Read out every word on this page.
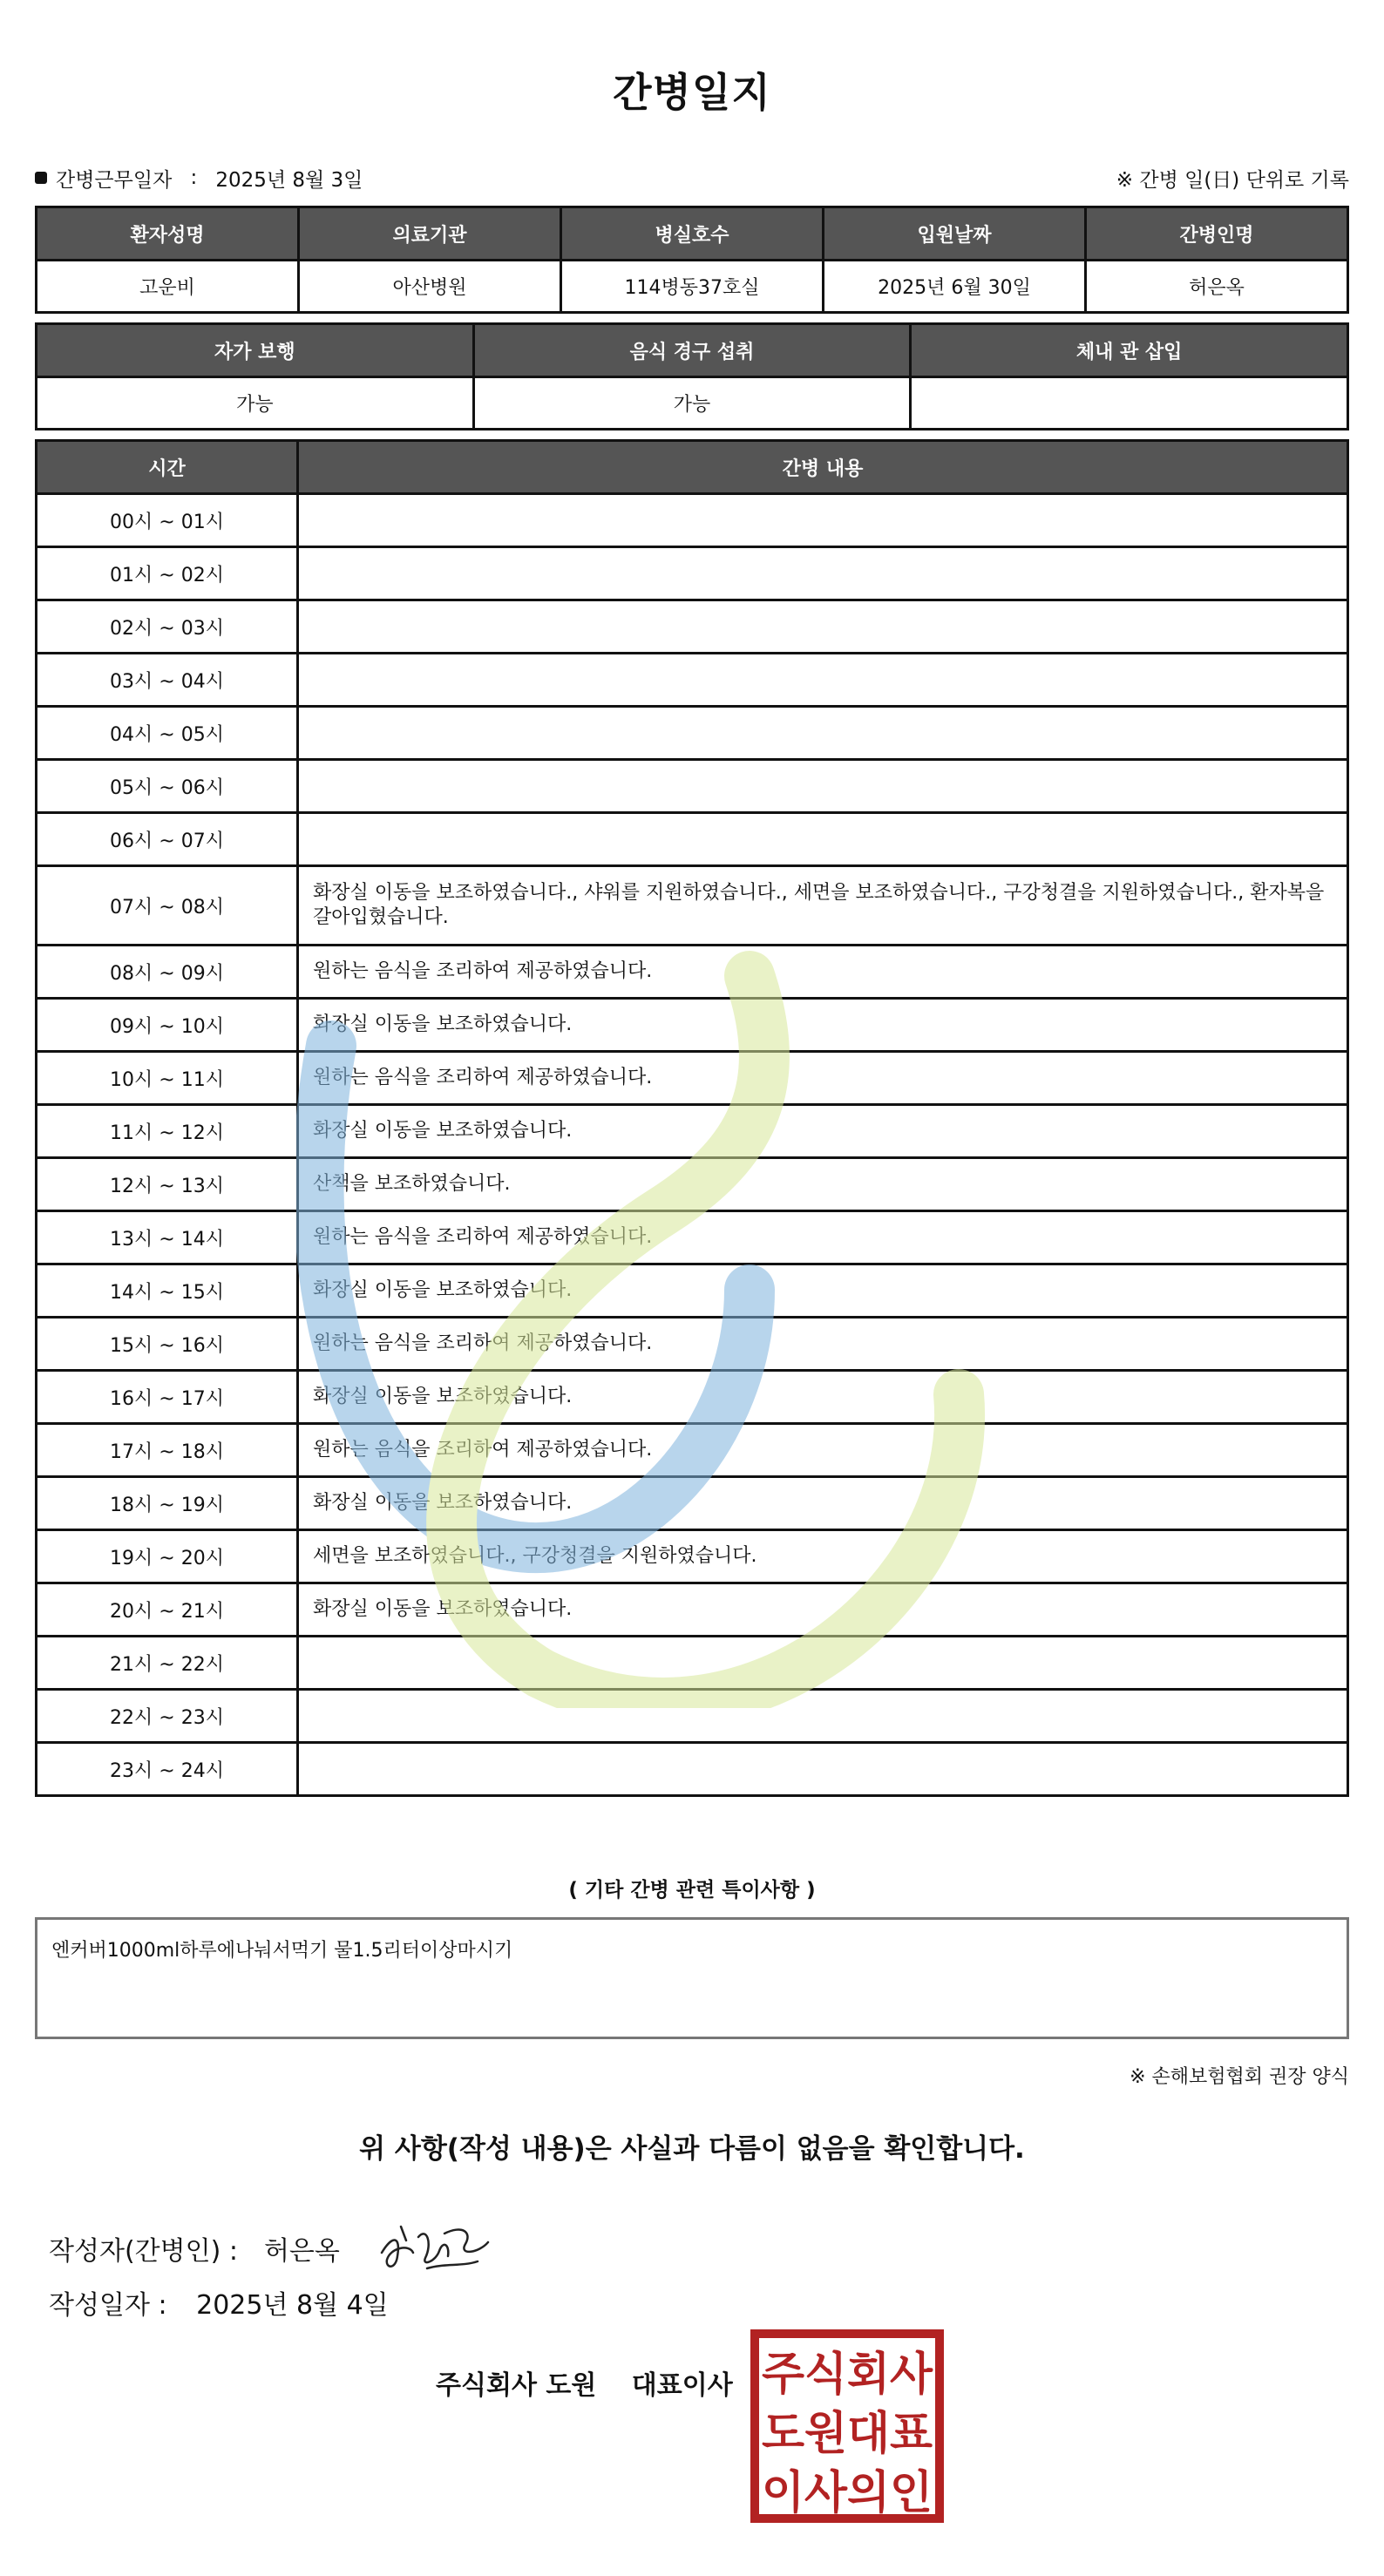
간병일지
간병근무일자 : 2025년 8월 3일	※ 간병 일(日) 단위로 기록
환자성명	의료기관	병실호수	입원날짜	간병인명
고운비	아산병원	114병동37호실	2025년 6월 30일	허은옥
자가 보행	음식 경구 섭취	체내 관 삽입
가능	가능	
시간	간병 내용
00시 ~ 01시	
01시 ~ 02시	
02시 ~ 03시	
03시 ~ 04시	
04시 ~ 05시	
05시 ~ 06시	
06시 ~ 07시	
07시 ~ 08시	화장실 이동을 보조하였습니다., 샤워를 지원하였습니다., 세면을 보조하였습니다., 구강청결을 지원하였습니다., 환자복을 갈아입혔습니다.
08시 ~ 09시	원하는 음식을 조리하여 제공하였습니다.
09시 ~ 10시	화장실 이동을 보조하였습니다.
10시 ~ 11시	원하는 음식을 조리하여 제공하였습니다.
11시 ~ 12시	화장실 이동을 보조하였습니다.
12시 ~ 13시	산책을 보조하였습니다.
13시 ~ 14시	원하는 음식을 조리하여 제공하였습니다.
14시 ~ 15시	화장실 이동을 보조하였습니다.
15시 ~ 16시	원하는 음식을 조리하여 제공하였습니다.
16시 ~ 17시	화장실 이동을 보조하였습니다.
17시 ~ 18시	원하는 음식을 조리하여 제공하였습니다.
18시 ~ 19시	화장실 이동을 보조하였습니다.
19시 ~ 20시	세면을 보조하였습니다., 구강청결을 지원하였습니다.
20시 ~ 21시	화장실 이동을 보조하였습니다.
21시 ~ 22시	
22시 ~ 23시	
23시 ~ 24시	
( 기타 간병 관련 특이사항 )
엔커버1000ml하루에나눠서먹기 물1.5리터이상마시기
※ 손해보험협회 권장 양식
위 사항(작성 내용)은 사실과 다름이 없음을 확인합니다.
작성자(간병인) : 허은옥
작성일자 : 2025년 8월 4일
주식회사 도원 대표이사 주식회사
도원대표
이사의인
